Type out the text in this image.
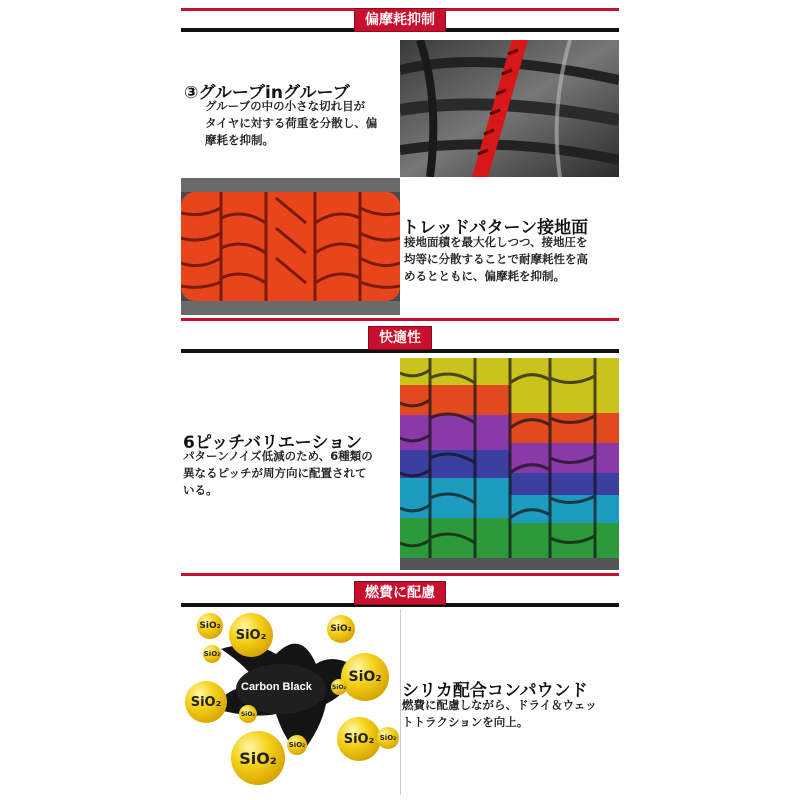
偏摩耗抑制
③グルーブinグルーブ
グルーブの中の小さな切れ目が
タイヤに対する荷重を分散し、偏
摩耗を抑制。
トレッドパターン接地面
接地面積を最大化しつつ、接地圧を
均等に分散することで耐摩耗性を高
めるとともに、偏摩耗を抑制。
快適性
6ピッチバリエーション
パターンノイズ低減のため、6種類の
異なるピッチが周方向に配置されて
いる。
燃費に配慮
Carbon Black
SiO₂
SiO₂
SiO₂
SiO₂
SiO₂
SiO₂
SiO₂
SiO₂
SiO₂
SiO₂	SiO₂ SiO₂
シリカ配合コンパウンド
燃費に配慮しながら、ドライ＆ウェッ
トトラクションを向上。
